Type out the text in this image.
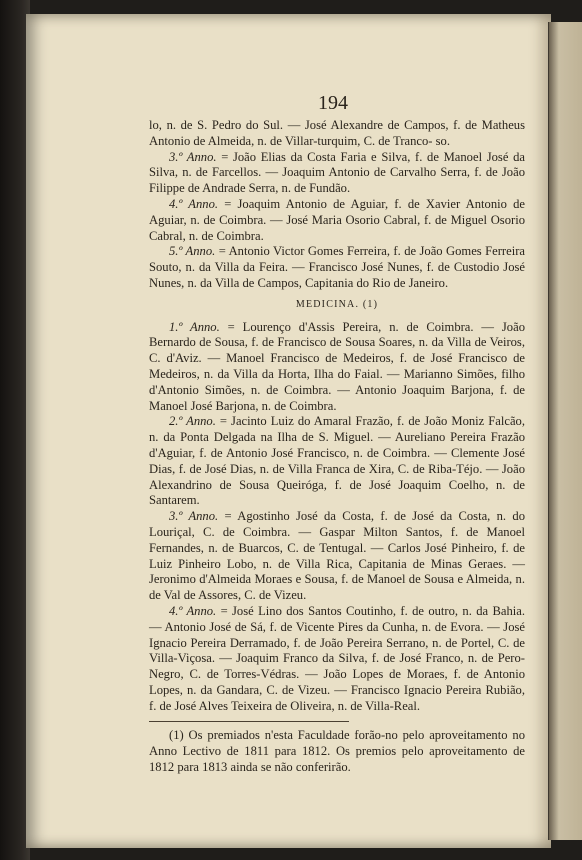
194

lo, n. de S. Pedro do Sul. — José Alexandre de Campos, f. de Matheus Antonio de Almeida, n. de Villar-turquim, C. de Tranco- so.

3.º Anno. = João Elias da Costa Faria e Silva, f. de Manoel José da Silva, n. de Farcellos. — Joaquim Antonio de Carvalho Serra, f. de João Filippe de Andrade Serra, n. de Fundão.

4.º Anno. = Joaquim Antonio de Aguiar, f. de Xavier Antonio de Aguiar, n. de Coimbra. — José Maria Osorio Cabral, f. de Miguel Osorio Cabral, n. de Coimbra.

5.º Anno. = Antonio Victor Gomes Ferreira, f. de João Gomes Ferreira Souto, n. da Villa da Feira. — Francisco José Nunes, f. de Custodio José Nunes, n. da Villa de Campos, Capitania do Rio de Janeiro.

MEDICINA. (1)

1.º Anno. = Lourenço d'Assis Pereira, n. de Coimbra. — João Bernardo de Sousa, f. de Francisco de Sousa Soares, n. da Villa de Veiros, C. d'Aviz. — Manoel Francisco de Medeiros, f. de José Francisco de Medeiros, n. da Villa da Horta, Ilha do Faial. — Marianno Simões, filho d'Antonio Simões, n. de Coimbra. — Antonio Joaquim Barjona, f. de Manoel José Barjona, n. de Coimbra.

2.º Anno. = Jacinto Luiz do Amaral Frazão, f. de João Moniz Falcão, n. da Ponta Delgada na Ilha de S. Miguel. — Aureliano Pereira Frazão d'Aguiar, f. de Antonio José Francisco, n. de Coimbra. — Clemente José Dias, f. de José Dias, n. de Villa Franca de Xira, C. de Riba-Téjo. — João Alexandrino de Sousa Queiróga, f. de José Joaquim Coelho, n. de Santarem.

3.º Anno. = Agostinho José da Costa, f. de José da Costa, n. do Louriçal, C. de Coimbra. — Gaspar Milton Santos, f. de Manoel Fernandes, n. de Buarcos, C. de Tentugal. — Carlos José Pinheiro, f. de Luiz Pinheiro Lobo, n. de Villa Rica, Capitania de Minas Geraes. — Jeronimo d'Almeida Moraes e Sousa, f. de Manoel de Sousa e Almeida, n. de Val de Assores, C. de Vizeu.

4.º Anno. = José Lino dos Santos Coutinho, f. de outro, n. da Bahia. — Antonio José de Sá, f. de Vicente Pires da Cunha, n. de Evora. — José Ignacio Pereira Derramado, f. de João Pereira Serrano, n. de Portel, C. de Villa-Viçosa. — Joaquim Franco da Silva, f. de José Franco, n. de Pero-Negro, C. de Torres-Védras. — João Lopes de Moraes, f. de Antonio Lopes, n. da Gandara, C. de Vizeu. — Francisco Ignacio Pereira Rubião, f. de José Alves Teixeira de Oliveira, n. de Villa-Real.

(1) Os premiados n'esta Faculdade forão-no pelo aproveitamento no Anno Lectivo de 1811 para 1812. Os premios pelo aproveitamento de 1812 para 1813 ainda se não conferirão.
